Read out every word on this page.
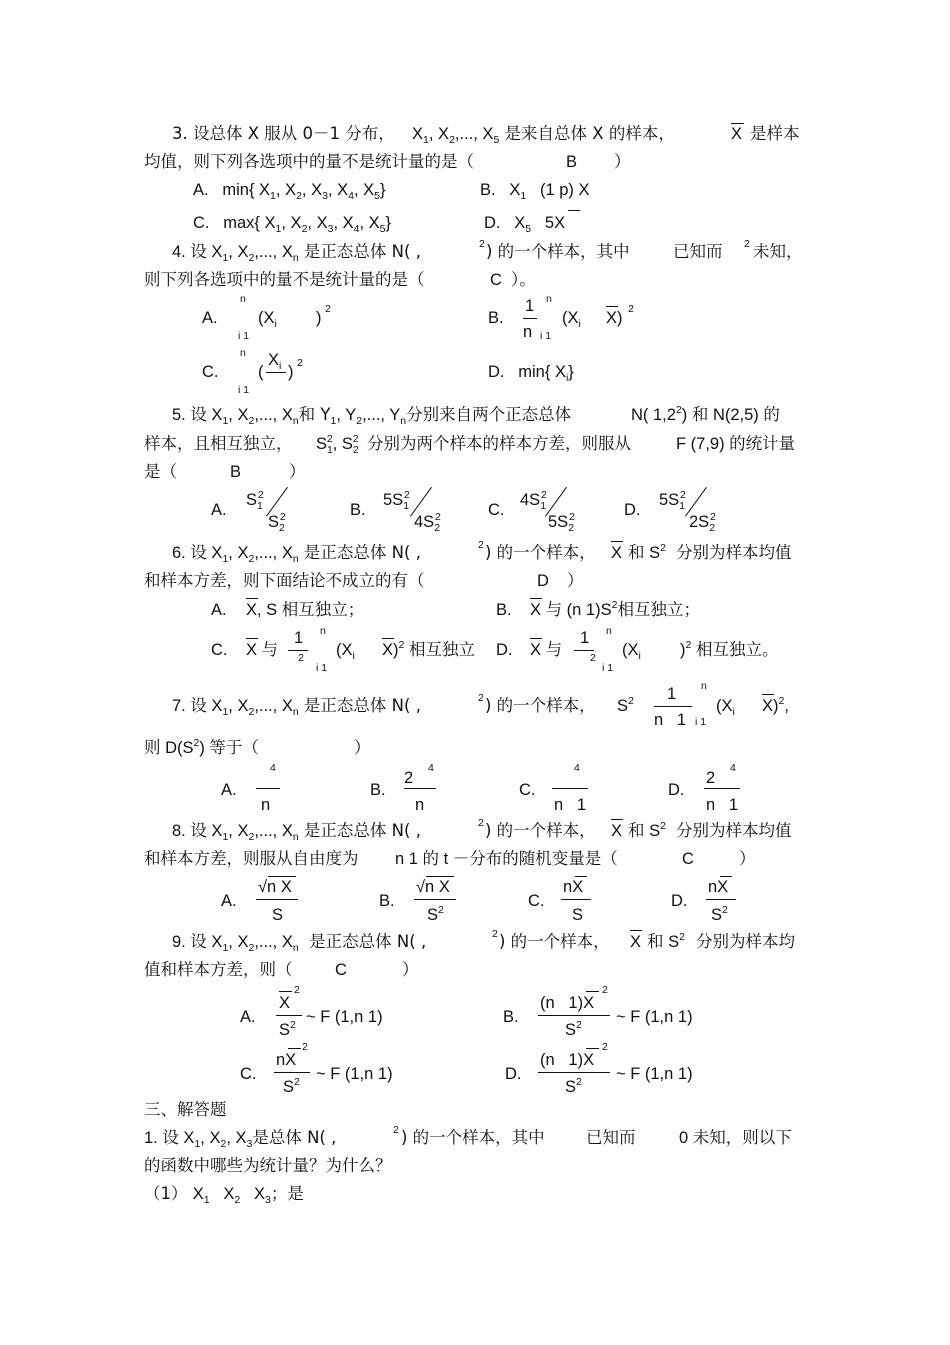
3. 设总体 X 服从 0－1 分布， $X_1$, $X_2$,..., $X_5$ 是来自总体 X 的样本，	X 是样本
均值，则下列各选项中的量不是统计量的是（	B ）
A. min{ $X_1$, $X_2$, $X_3$, $X_4$, $X_5$}	B. $X_1$ (1 p) X
C. max{ $X_1$, $X_2$, $X_3$, $X_4$, $X_5$}	D. $X_5$ 5X
4. 设 $X_1$, $X_2$,..., $X_n$ 是正态总体 N( ,	2 ) 的一个样本，其中	已知而 2 未知，
则下列各选项中的量不是统计量的是（	C ）。
A.
n
i 1
($X_i$ ) 2	B.
1
n
n
i 1
($X_i$ X) 2
C.
n
i 1
(
$X_i$ ) 2	D. min{ $X_i$}
5. 设 $X_1$, $X_2$,..., $X_n$和 $Y_1$, $Y_2$,..., $Y_n$分别来自两个正态总体	N( $1,2^2$) 和 N(2,5) 的
样本，且相互独立， $S_1^2$, $S_2^2$ 分别为两个样本的样本方差，则服从	F (7,9) 的统计量
是（	B	）
A.
$S_1^2$
$S_2^2$	B.
$5S_1^2$
$4S_2^2$	C.
$4S_1^2$
$5S_2^2$	D.
$5S_1^2$
$2S_2^2$
6. 设 $X_1$, $X_2$,..., $X_n$ 是正态总体 N( ,	2 ) 的一个样本， X 和 $S^2$ 分别为样本均值
和样本方差，则下面结论不成立的有（	D ）
A. X, S 相互独立；	B. X 与 (n $1)S^2$相互独立；
C. X 与
1
2
n
i 1
($X_i$ X)$^2$ 相互独立 D. X 与
1
2
n
i 1
($X_i$ )$^2$ 相互独立。
7. 设 $X_1$, $X_2$,..., $X_n$ 是正态总体 N( ,	2 ) 的一个样本， $S^2$ 1
n   1
n
i 1
($X_i$ X)$^2$,
则 $D(S^2)$ 等于（	）
A.
4
n
B.
2
4
n
C.
4
n   1
D.
2
4
n   1
8. 设 $X_1$, $X_2$,..., $X_n$ 是正态总体 N( ,	2 ) 的一个样本， X 和 $S^2$ 分别为样本均值
和样本方差，则服从自由度为 n 1 的 t －分布的随机变量是（	C	）
A.
√n X
S
B.
√n X
$S^2$	C.
nX
S
D.
nX
$S^2$
9. 设 $X_1$, $X_2$,..., $X_n$ 是正态总体 N( ,	2 ) 的一个样本， X 和 $S^2$ 分别为样本均
值和样本方差，则（	C	）
A.
X
2
$S^2$ ~ F (1,n 1)	B.
(n   1)X
2
$S^2$ ~ F (1,n 1)
C.
nX
2
$S^2$ ~ F (1,n 1)	D.
(n   1)X
2
$S^2$ ~ F (1,n 1)
三、解答题
1. 设 $X_1$, $X_2$, $X_3$是总体 N( ,	2 ) 的一个样本，其中	已知而	0 未知，则以下
的函数中哪些为统计量？为什么？
（1） $X_1$   $X_2$   $X_3$；是
